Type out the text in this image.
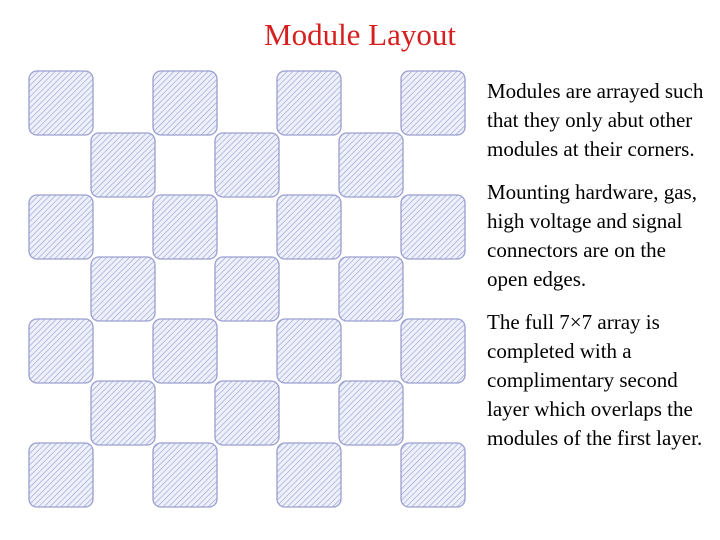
Module Layout

Modules are arrayed such that they only abut other modules at their corners.

Mounting hardware, gas, high voltage and signal connectors are on the open edges.

The full 7×7 array is completed with a complimentary second layer which overlaps the modules of the first layer.
